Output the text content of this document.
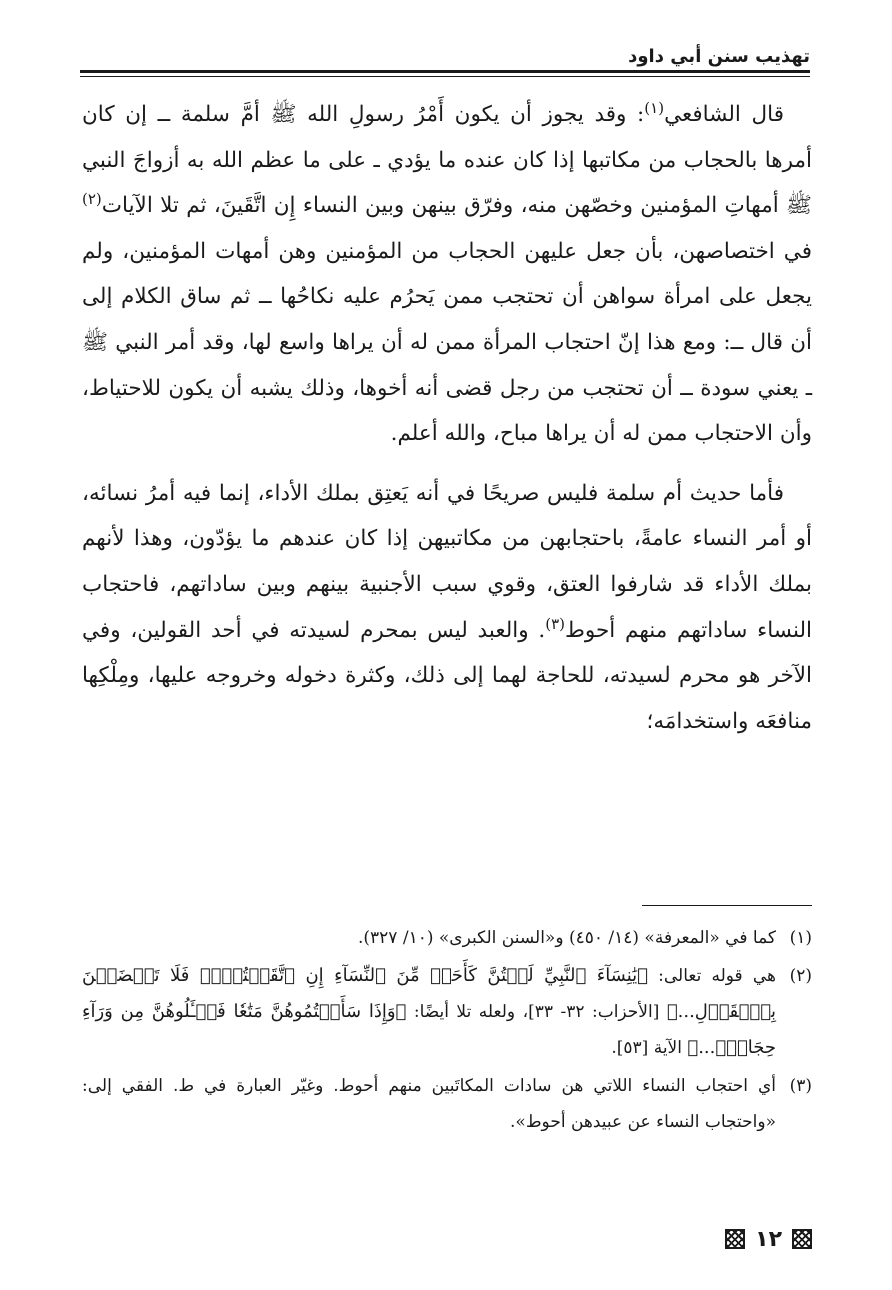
تهذيب سنن أبي داود

قال الشافعي$^{(١)}$: وقد يجوز أن يكون أَمْرُ رسولِ الله ﷺ أمَّ سلمة ــ إن كان أمرها بالحجاب من مكاتبها إذا كان عنده ما يؤدي ـ على ما عظم الله به أزواجَ النبي ﷺ أمهاتِ المؤمنين وخصّهن منه، وفرّق بينهن وبين النساء إِن اتَّقَينَ، ثم تلا الآيات$^{(٢)}$ في اختصاصهن، بأن جعل عليهن الحجاب من المؤمنين وهن أمهات المؤمنين، ولم يجعل على امرأة سواهن أن تحتجب ممن يَحرُم عليه نكاحُها ــ ثم ساق الكلام إلى أن قال ــ: ومع هذا إنّ احتجاب المرأة ممن له أن يراها واسع لها، وقد أمر النبي ﷺ ـ يعني سودة ــ أن تحتجب من رجل قضى أنه أخوها، وذلك يشبه أن يكون للاحتياط، وأن الاحتجاب ممن له أن يراها مباح، والله أعلم.

فأما حديث أم سلمة فليس صريحًا في أنه يَعتِق بملك الأداء، إنما فيه أمرُ نسائه، أو أمر النساء عامةً، باحتجابهن من مكاتبيهن إذا كان عندهم ما يؤدّون، وهذا لأنهم بملك الأداء قد شارفوا العتق، وقوي سبب الأجنبية بينهم وبين ساداتهم، فاحتجاب النساء ساداتهم منهم أحوط$^{(٣)}$. والعبد ليس بمحرم لسيدته في أحد القولين، وفي الآخر هو محرم لسيدته، للحاجة لهما إلى ذلك، وكثرة دخوله وخروجه عليها، ومِلْكِها منافعَه واستخدامَه؛

(١)
كما في «المعرفة» (١٤/ ٤٥٠) و«السنن الكبرى» (١٠/ ٣٢٧).
(٢)
هي قوله تعالى: ﴿يَٰنِسَآءَ ٱلنَّبِيِّ لَسۡتُنَّ كَأَحَدٖ مِّنَ ٱلنِّسَآءِ إِنِ ٱتَّقَيۡتُنَّۚ فَلَا تَخۡضَعۡنَ بِٱلۡقَوۡلِ...﴾ [الأحزاب: ٣٢- ٣٣]، ولعله تلا أيضًا: ﴿وَإِذَا سَأَلۡتُمُوهُنَّ مَتَٰعٗا فَسۡـَٔلُوهُنَّ مِن وَرَآءِ حِجَابٖۚ...﴾ الآية [٥٣].
(٣)
أي احتجاب النساء اللاتي هن سادات المكاتَبين منهم أحوط. وغيّر العبارة في ط. الفقي إلى: «واحتجاب النساء عن عبيدهن أحوط».
١٢
